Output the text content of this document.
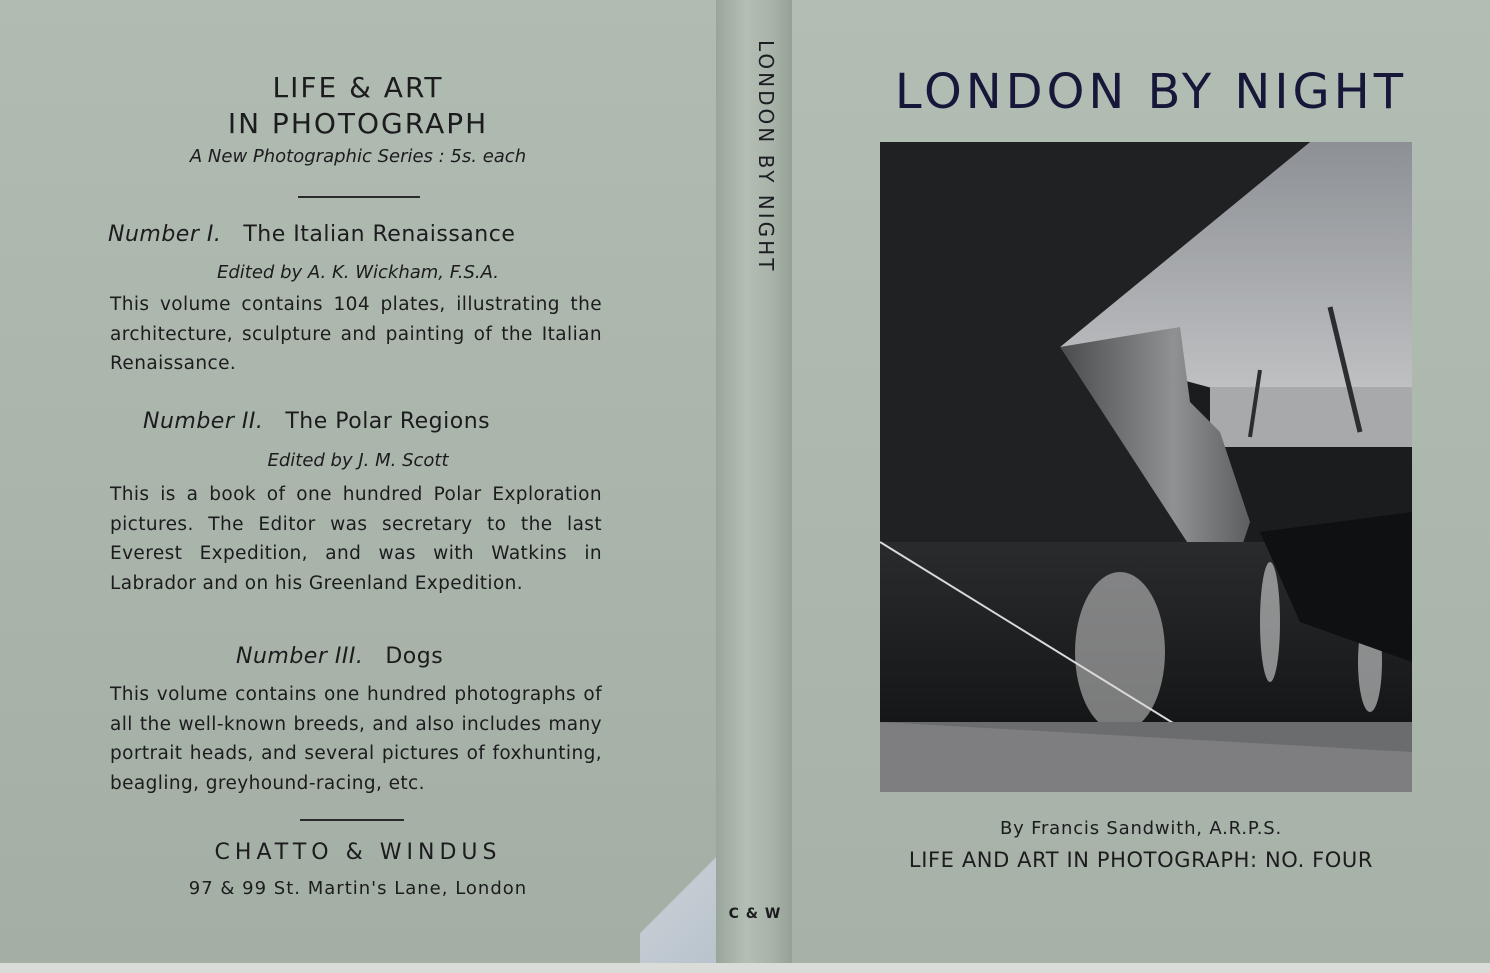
LIFE & ART
IN PHOTOGRAPH
A New Photographic Series : 5s. each
Number I. The Italian Renaissance
Edited by A. K. Wickham, F.S.A.
This volume contains 104 plates, illustrating the architecture, sculpture and painting of the Italian Renaissance.
Number II. The Polar Regions
Edited by J. M. Scott
This is a book of one hundred Polar Exploration pictures. The Editor was secretary to the last Everest Expedition, and was with Watkins in Labrador and on his Greenland Expedition.
Number III. Dogs
This volume contains one hundred photographs of all the well-known breeds, and also includes many portrait heads, and several pictures of foxhunting, beagling, greyhound-racing, etc.
CHATTO & WINDUS
97 & 99 St. Martin's Lane, London
LONDON BY NIGHT
C & W
LONDON BY NIGHT
By Francis Sandwith, A.R.P.S.
LIFE AND ART IN PHOTOGRAPH: NO. FOUR
